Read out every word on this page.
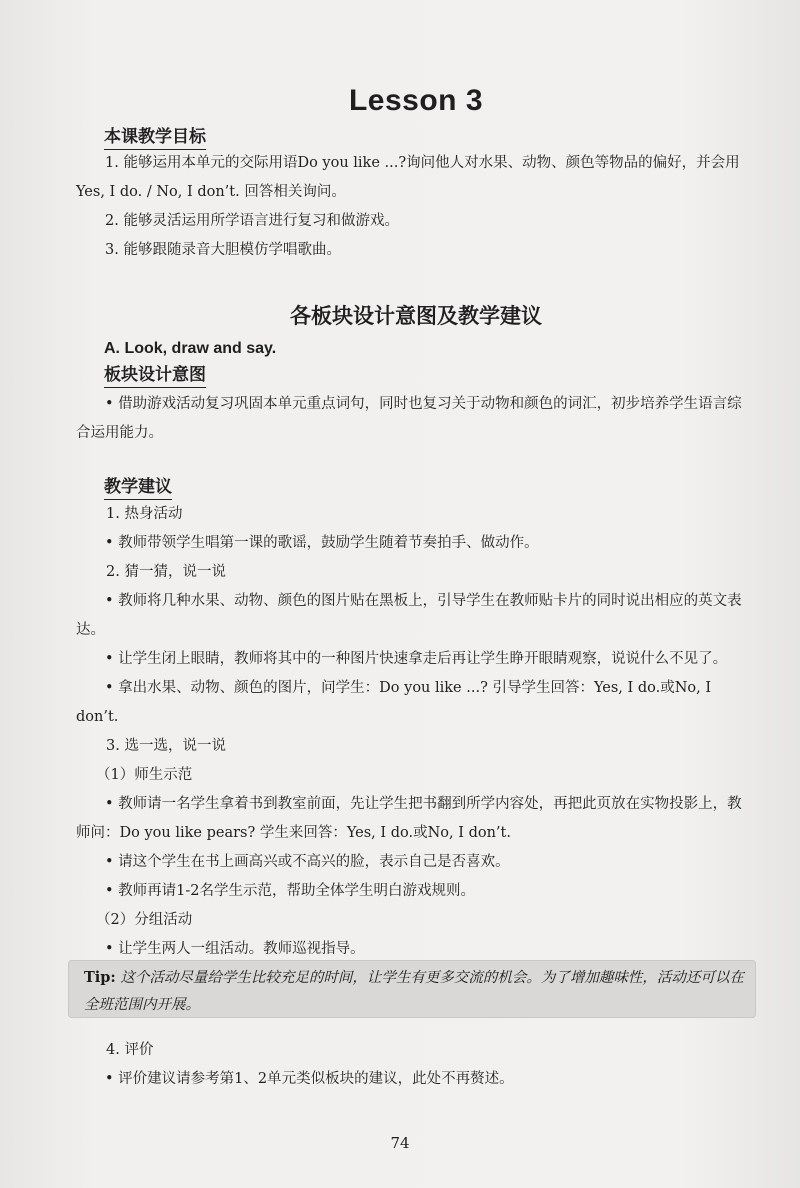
Lesson 3
本课教学目标

1. 能够运用本单元的交际用语Do you like ...?询问他人对水果、动物、颜色等物品的偏好，并会用Yes, I do. / No, I don’t. 回答相关询问。

2. 能够灵活运用所学语言进行复习和做游戏。

3. 能够跟随录音大胆模仿学唱歌曲。

各板块设计意图及教学建议
A. Look, draw and say.
板块设计意图

• 借助游戏活动复习巩固本单元重点词句，同时也复习关于动物和颜色的词汇，初步培养学生语言综合运用能力。

教学建议

1. 热身活动

• 教师带领学生唱第一课的歌谣，鼓励学生随着节奏拍手、做动作。

2. 猜一猜，说一说

• 教师将几种水果、动物、颜色的图片贴在黑板上，引导学生在教师贴卡片的同时说出相应的英文表达。

• 让学生闭上眼睛，教师将其中的一种图片快速拿走后再让学生睁开眼睛观察，说说什么不见了。

• 拿出水果、动物、颜色的图片，问学生：Do you like ...? 引导学生回答：Yes, I do.或No, I don’t.

3. 选一选，说一说

（1）师生示范

• 教师请一名学生拿着书到教室前面，先让学生把书翻到所学内容处，再把此页放在实物投影上，教师问：Do you like pears? 学生来回答：Yes, I do.或No, I don’t.

• 请这个学生在书上画高兴或不高兴的脸，表示自己是否喜欢。

• 教师再请1-2名学生示范，帮助全体学生明白游戏规则。

（2）分组活动

• 让学生两人一组活动。教师巡视指导。

Tip: 这个活动尽量给学生比较充足的时间，让学生有更多交流的机会。为了增加趣味性，活动还可以在全班范围内开展。

4. 评价

• 评价建议请参考第1、2单元类似板块的建议，此处不再赘述。

74
